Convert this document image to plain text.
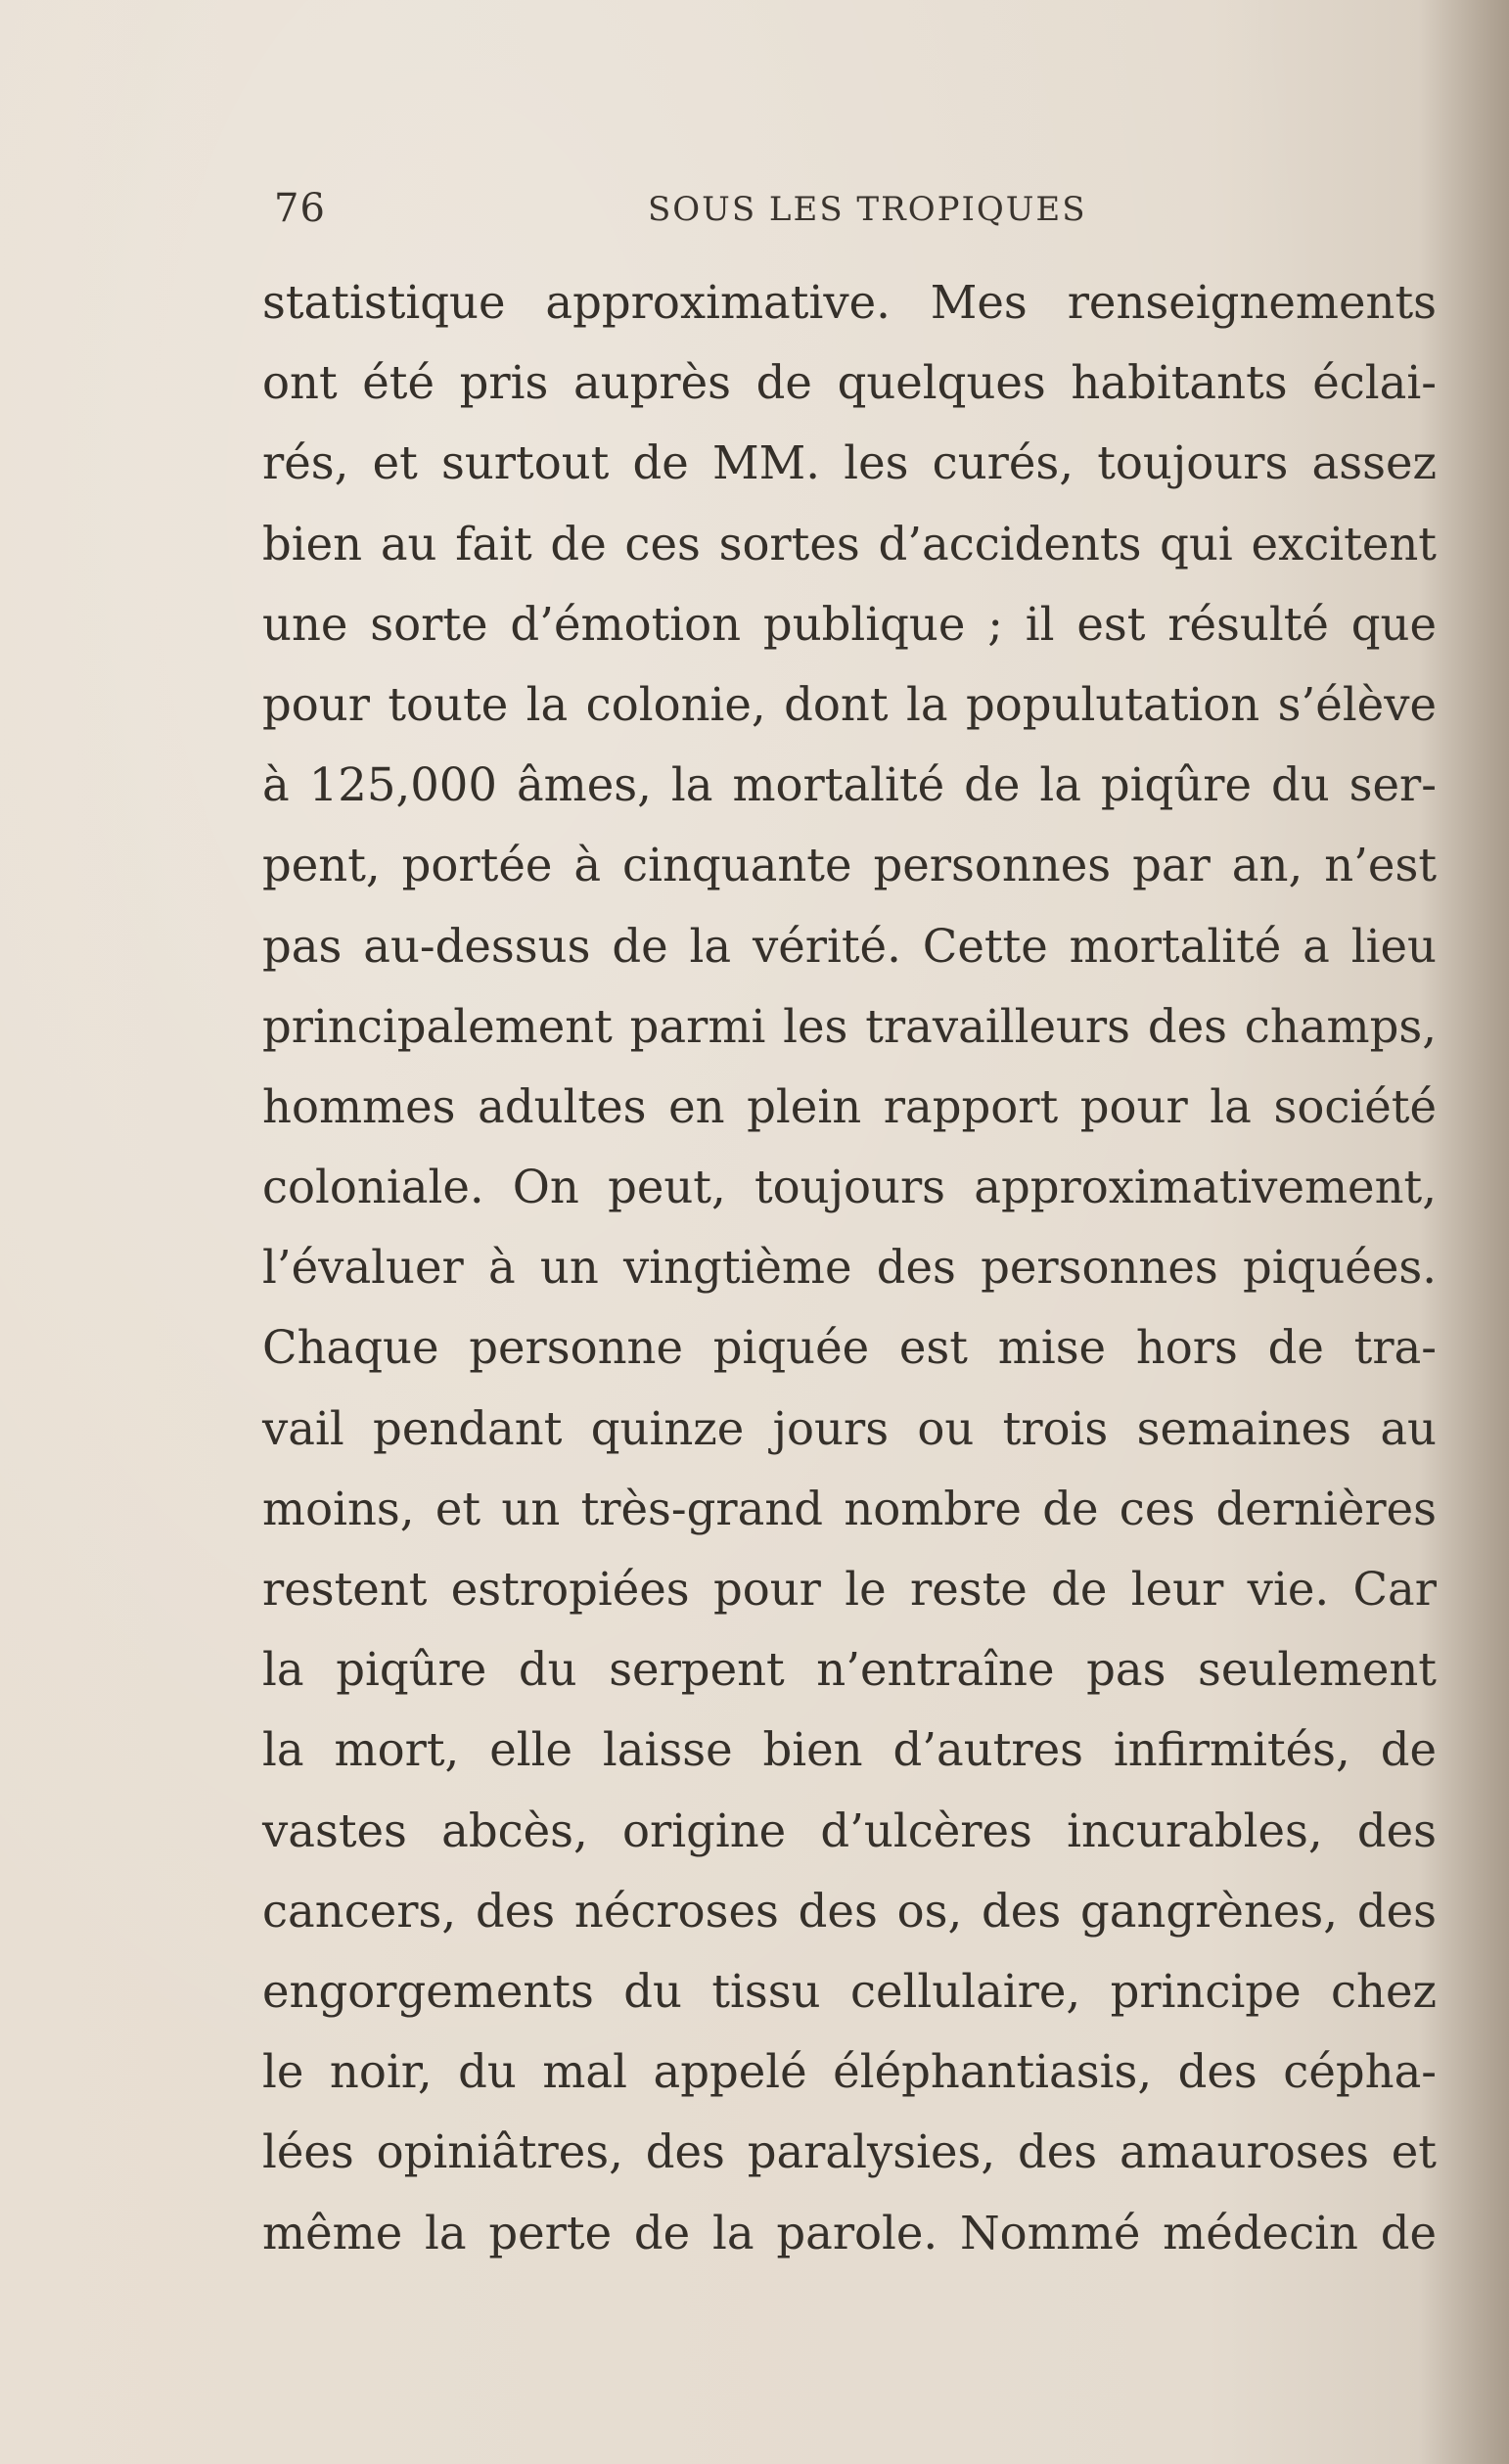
76	SOUS LES TROPIQUES
statistique approximative. Mes renseignements
ont été pris auprès de quelques habitants éclai-
rés, et surtout de MM. les curés, toujours assez
bien au fait de ces sortes d’accidents qui excitent
une sorte d’émotion publique ; il est résulté que
pour toute la colonie, dont la populutation s’élève
à 125,000 âmes, la mortalité de la piqûre du ser-
pent, portée à cinquante personnes par an, n’est
pas au-dessus de la vérité. Cette mortalité a lieu
principalement parmi les travailleurs des champs,
hommes adultes en plein rapport pour la société
coloniale. On peut, toujours approximativement,
l’évaluer à un vingtième des personnes piquées.
Chaque personne piquée est mise hors de tra-
vail pendant quinze jours ou trois semaines au
moins, et un très-grand nombre de ces dernières
restent estropiées pour le reste de leur vie. Car
la piqûre du serpent n’entraîne pas seulement
la mort, elle laisse bien d’autres infirmités, de
vastes abcès, origine d’ulcères incurables, des
cancers, des nécroses des os, des gangrènes, des
engorgements du tissu cellulaire, principe chez
le noir, du mal appelé éléphantiasis, des cépha-
lées opiniâtres, des paralysies, des amauroses et
même la perte de la parole. Nommé médecin de
